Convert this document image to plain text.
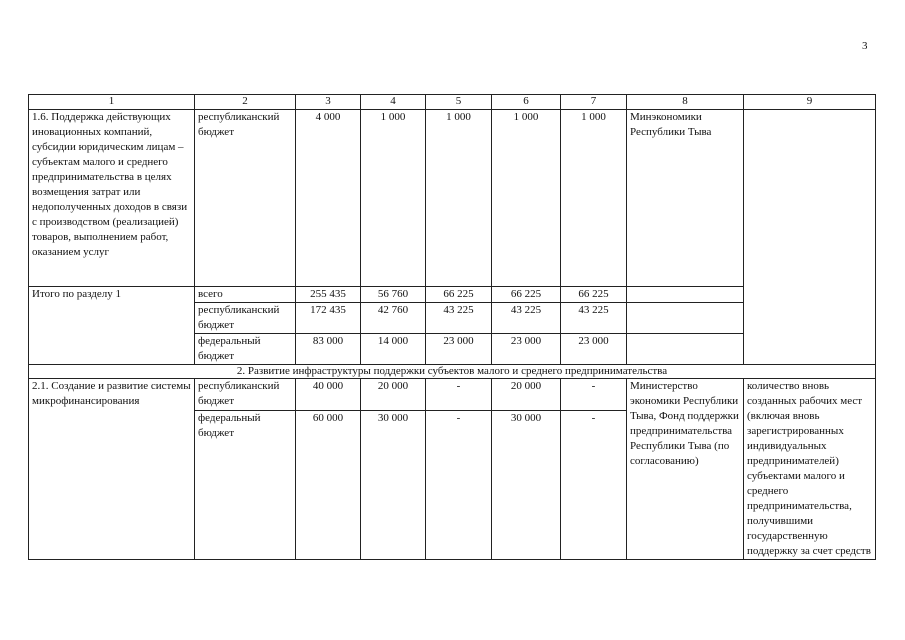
3
1	2	3	4	5	6	7	8	9
1.6. Поддержка действующих иновационных компаний, субсидии юридическим лицам – субъектам малого и среднего предпринимательства в целях возмещения затрат или недополученных доходов в связи с производством (реализацией) товаров, выполнением работ, оказанием услуг	республиканский бюджет	4 000	1 000	1 000	1 000	1 000	Минэкономики Республики Тыва	
Итого по разделу 1	всего	255 435	56 760	66 225	66 225	66 225		
	республиканский бюджет	172 435	42 760	43 225	43 225	43 225		
	федеральный бюджет	83 000	14 000	23 000	23 000	23 000		
2. Развитие инфраструктуры поддержки субъектов малого и среднего предпринимательства								
2.1. Создание и развитие системы микрофинансирования	республиканский бюджет	40 000	20 000	-	20 000	-	Министерство экономики Республики Тыва, Фонд поддержки предпринимательства Республики Тыва (по согласованию)	количество вновь созданных рабочих мест (включая вновь зарегистрированных индивидуальных предпринимателей) субъектами малого и среднего предпринимательства, получившими государственную поддержку за счет средств
	федеральный бюджет	60 000	30 000	-	30 000	-		
